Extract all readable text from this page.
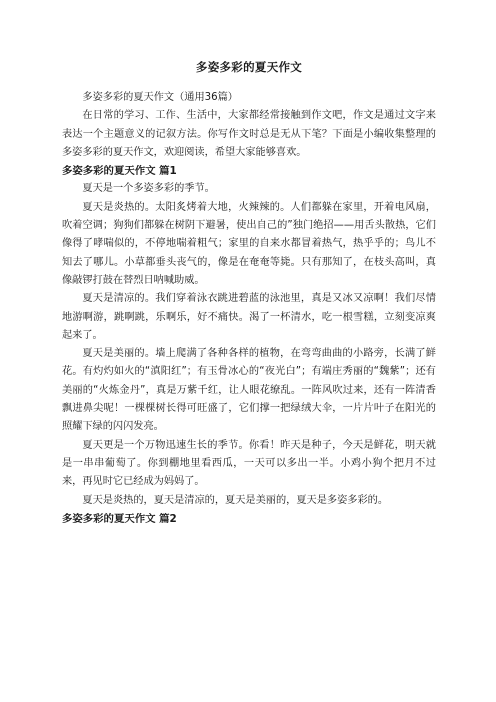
多姿多彩的夏天作文

多姿多彩的夏天作文（通用36篇）

在日常的学习、工作、生活中，大家都经常接触到作文吧，作文是通过文字来表达一个主题意义的记叙方法。你写作文时总是无从下笔？下面是小编收集整理的多姿多彩的夏天作文，欢迎阅读，希望大家能够喜欢。

多姿多彩的夏天作文 篇1

夏天是一个多姿多彩的季节。

夏天是炎热的。太阳炙烤着大地，火辣辣的。人们都躲在家里，开着电风扇，吹着空调；狗狗们都躲在树阴下避暑，使出自己的”独门绝招——用舌头散热，它们像得了哮喘似的，不停地喘着粗气；家里的自来水都冒着热气，热乎乎的；鸟儿不知去了哪儿。小草都垂头丧气的，像是在奄奄等毙。只有那知了，在枝头高叫，真像敲锣打鼓在替烈日呐喊助威。

夏天是清凉的。我们穿着泳衣跳进碧蓝的泳池里，真是又冰又凉啊！我们尽情地游啊游，跳啊跳，乐啊乐，好不痛快。渴了一杯清水，吃一根雪糕，立刻变凉爽起来了。

夏天是美丽的。墙上爬满了各种各样的植物，在弯弯曲曲的小路旁，长满了鲜花。有灼灼如火的“滇阳红”；有玉骨冰心的“夜光白”；有端庄秀丽的“魏紫”；还有美丽的“火炼金丹”，真是万紫千红，让人眼花缭乱。一阵风吹过来，还有一阵清香飘进鼻尖呢！一棵棵树长得可旺盛了，它们撑一把绿绒大伞，一片片叶子在阳光的照耀下绿的闪闪发亮。

夏天更是一个万物迅速生长的季节。你看！昨天是种子，今天是鲜花，明天就是一串串葡萄了。你到棚地里看西瓜，一天可以多出一半。小鸡小狗个把月不过来，再见时它已经成为妈妈了。

夏天是炎热的，夏天是清凉的，夏天是美丽的，夏天是多姿多彩的。

多姿多彩的夏天作文 篇2
